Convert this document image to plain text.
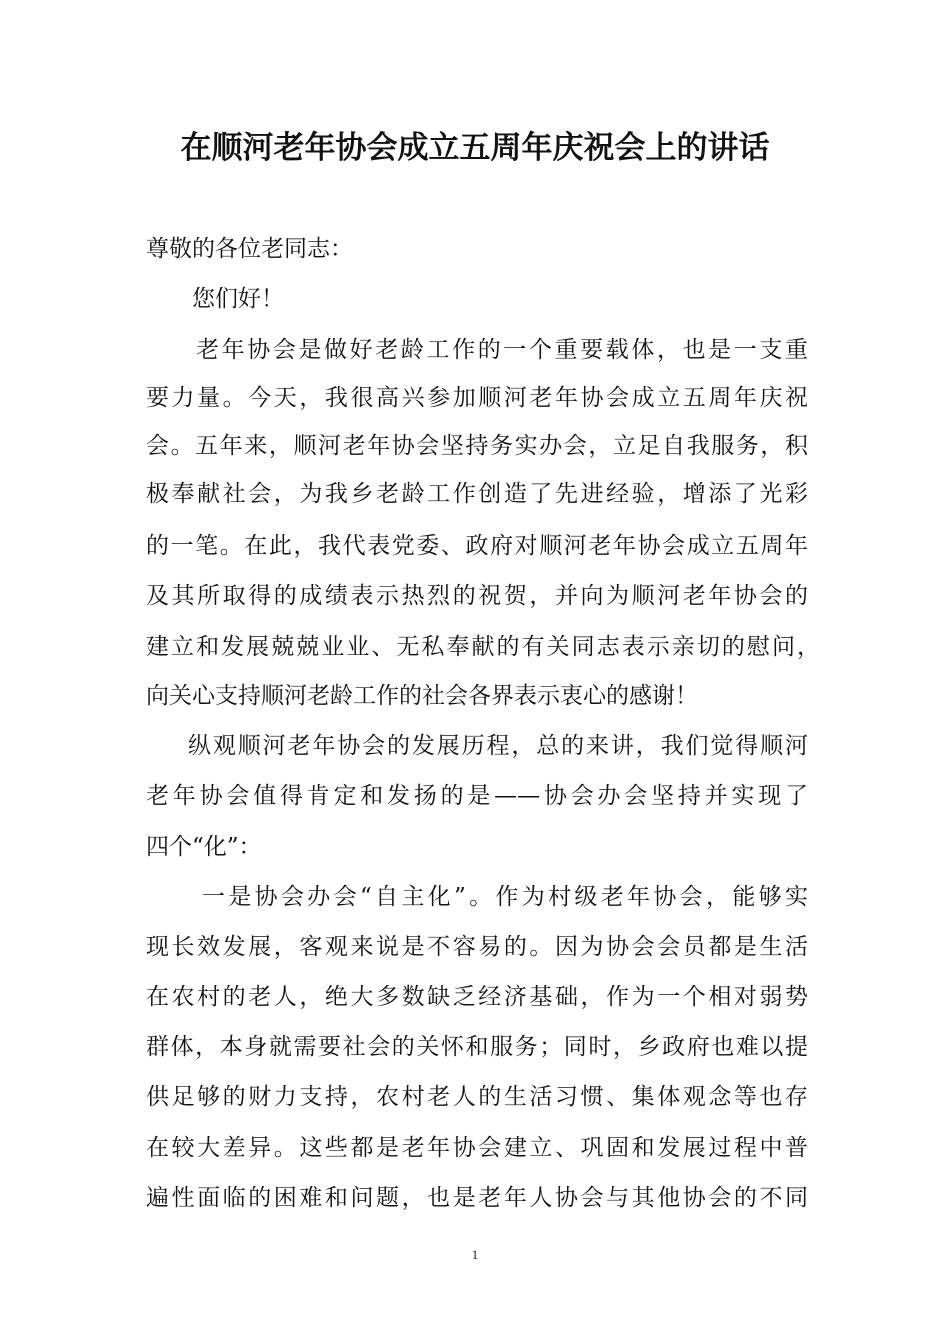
在顺河老年协会成立五周年庆祝会上的讲话
尊敬的各位老同志：
您们好！
老年协会是做好老龄工作的一个重要载体，也是一支重
要力量。今天，我很高兴参加顺河老年协会成立五周年庆祝
会。五年来，顺河老年协会坚持务实办会，立足自我服务，积
极奉献社会，为我乡老龄工作创造了先进经验，增添了光彩
的一笔。在此，我代表党委、政府对顺河老年协会成立五周年
及其所取得的成绩表示热烈的祝贺，并向为顺河老年协会的
建立和发展兢兢业业、无私奉献的有关同志表示亲切的慰问，
向关心支持顺河老龄工作的社会各界表示衷心的感谢！
纵观顺河老年协会的发展历程，总的来讲，我们觉得顺河
老年协会值得肯定和发扬的是——协会办会坚持并实现了
四个“化”：
一是协会办会“自主化”。作为村级老年协会，能够实
现长效发展，客观来说是不容易的。因为协会会员都是生活
在农村的老人，绝大多数缺乏经济基础，作为一个相对弱势
群体，本身就需要社会的关怀和服务；同时，乡政府也难以提
供足够的财力支持，农村老人的生活习惯、集体观念等也存
在较大差异。这些都是老年协会建立、巩固和发展过程中普
遍性面临的困难和问题，也是老年人协会与其他协会的不同
1
